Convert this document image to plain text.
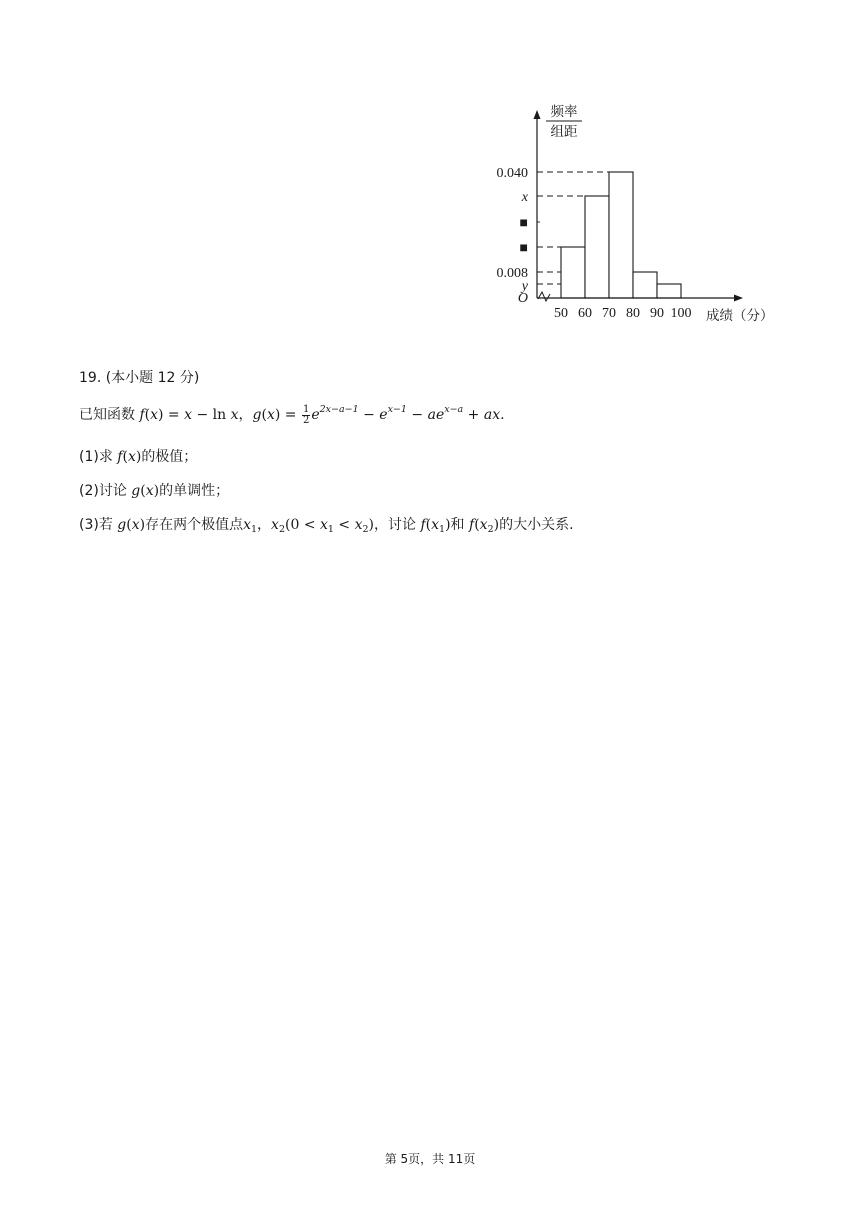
频率
组距
0.040
x
■
■
0.008
y
O
50 60 70 80 90 100 成绩（分）
19. (本小题 12 分)
已知函数 f(x) = x − ln x，$g(x) = \frac{1}{2} e^{2x-a-1} - e^{x-1} - ae^{x-a}$ + ax.
(1)求 f(x)的极值；
(2)讨论 g(x)的单调性；
(3)若 g(x)存在两个极值点$x_1$，$x_2(0 < x_1 < x_2)$，讨论 $f(x_1)$和 $f(x_2)$的大小关系.
第 5页，共 11页
